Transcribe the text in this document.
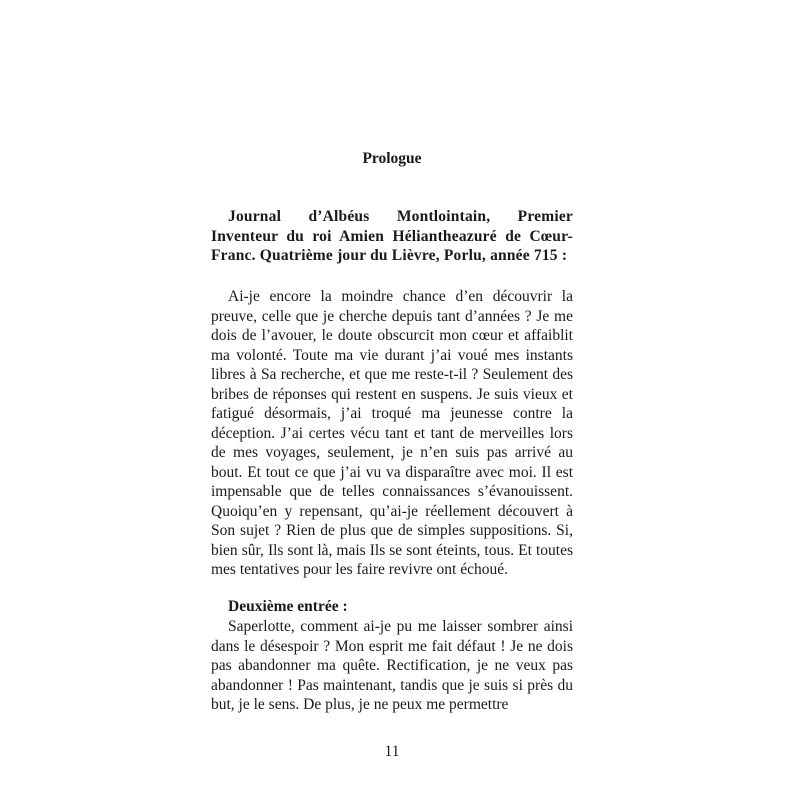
Prologue
Journal d’Albéus Montlointain, Premier Inventeur du roi Amien Héliantheazuré de Cœur-Franc. Quatrième jour du Lièvre, Porlu, année 715 :
Ai-je encore la moindre chance d’en découvrir la preuve, celle que je cherche depuis tant d’années ? Je me dois de l’avouer, le doute obscurcit mon cœur et affaiblit ma volonté. Toute ma vie durant j’ai voué mes instants libres à Sa recherche, et que me reste-t-il ? Seulement des bribes de réponses qui restent en suspens. Je suis vieux et fatigué désormais, j’ai troqué ma jeunesse contre la déception. J’ai certes vécu tant et tant de merveilles lors de mes voyages, seulement, je n’en suis pas arrivé au bout. Et tout ce que j’ai vu va disparaître avec moi. Il est impensable que de telles connaissances s’évanouissent. Quoiqu’en y repensant, qu’ai-je réellement découvert à Son sujet ? Rien de plus que de simples suppositions. Si, bien sûr, Ils sont là, mais Ils se sont éteints, tous. Et toutes mes tentatives pour les faire revivre ont échoué.
Deuxième entrée :
Saperlotte, comment ai-je pu me laisser sombrer ainsi dans le désespoir ? Mon esprit me fait défaut ! Je ne dois pas abandonner ma quête. Rectification, je ne veux pas abandonner ! Pas maintenant, tandis que je suis si près du but, je le sens. De plus, je ne peux me permettre
11
